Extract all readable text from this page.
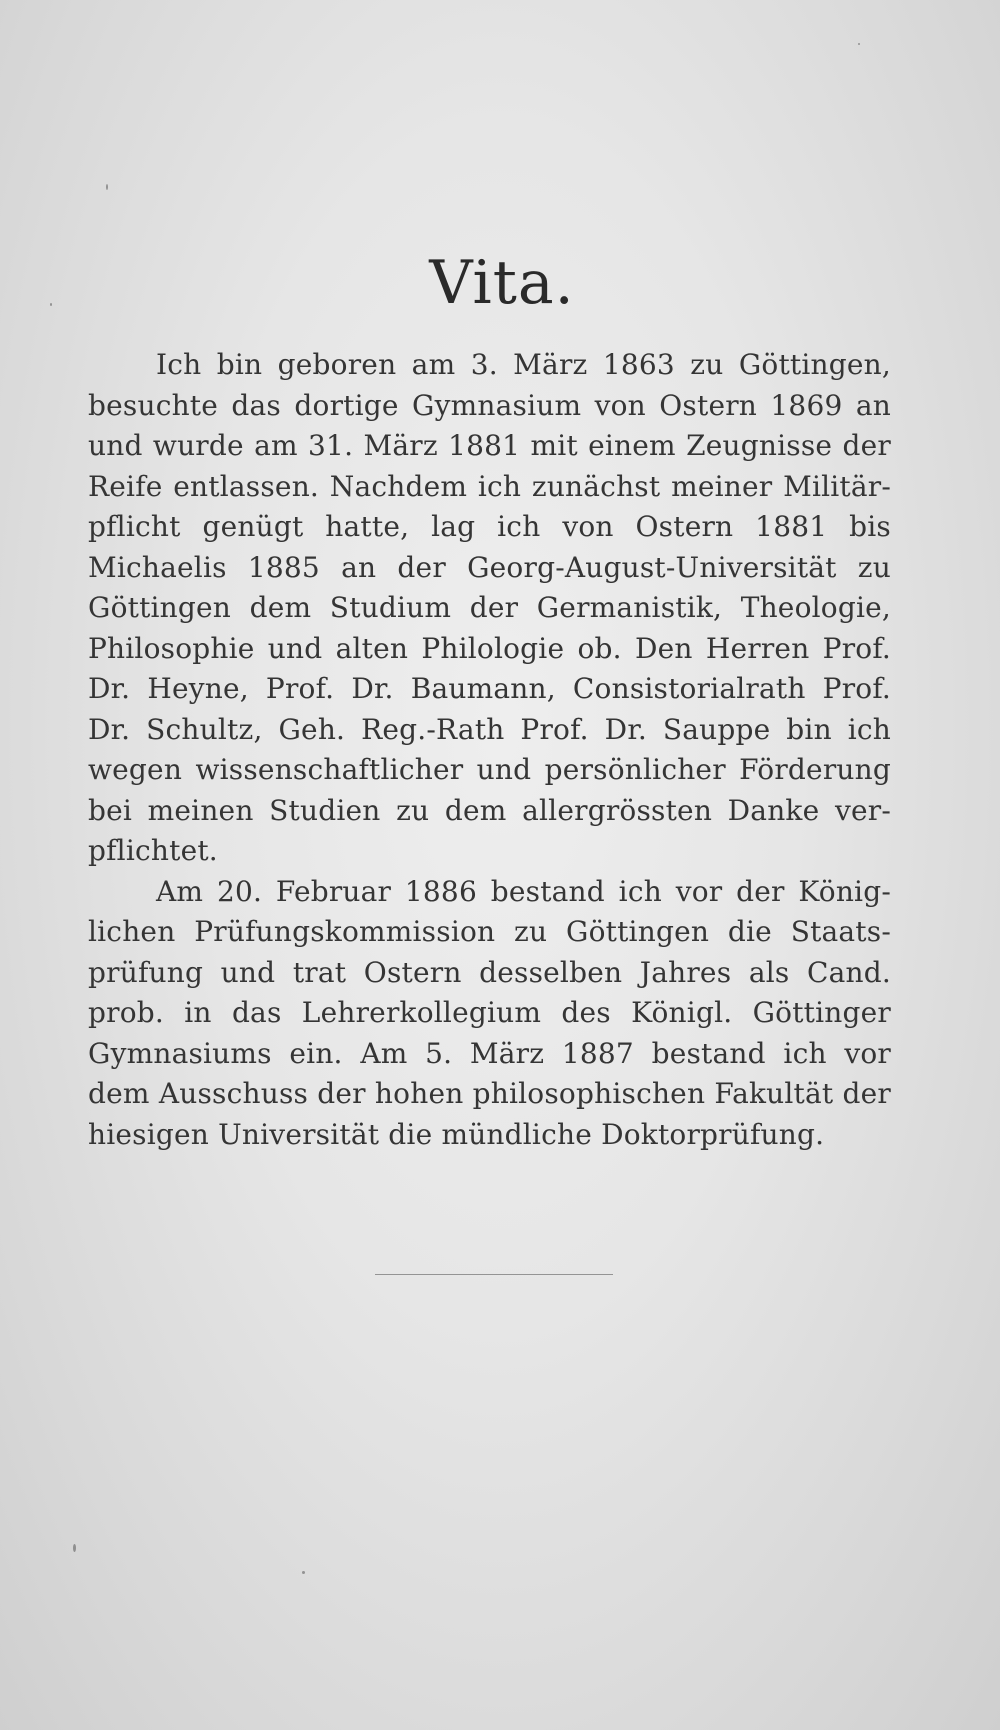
Vita.
Ich bin geboren am 3. März 1863 zu Göttingen,
besuchte das dortige Gymnasium von Ostern 1869 an
und wurde am 31. März 1881 mit einem Zeugnisse der
Reife entlassen. Nachdem ich zunächst meiner Militär-
pflicht genügt hatte, lag ich von Ostern 1881 bis
Michaelis 1885 an der Georg-August-Universität zu
Göttingen dem Studium der Germanistik, Theologie,
Philosophie und alten Philologie ob. Den Herren Prof.
Dr. Heyne, Prof. Dr. Baumann, Consistorialrath Prof.
Dr. Schultz, Geh. Reg.-Rath Prof. Dr. Sauppe bin ich
wegen wissenschaftlicher und persönlicher Förderung
bei meinen Studien zu dem allergrössten Danke ver-
pflichtet.
Am 20. Februar 1886 bestand ich vor der König-
lichen Prüfungskommission zu Göttingen die Staats-
prüfung und trat Ostern desselben Jahres als Cand.
prob. in das Lehrerkollegium des Königl. Göttinger
Gymnasiums ein. Am 5. März 1887 bestand ich vor
dem Ausschuss der hohen philosophischen Fakultät der
hiesigen Universität die mündliche Doktorprüfung.
